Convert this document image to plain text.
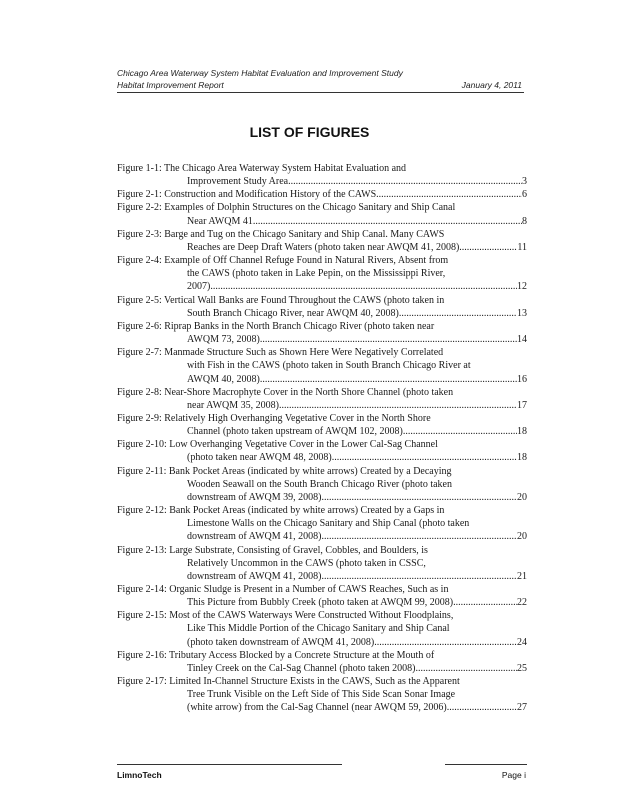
Chicago Area Waterway System Habitat Evaluation and Improvement Study
Habitat Improvement Report	January 4, 2011
LIST OF FIGURES
Figure 1-1: The Chicago Area Waterway System Habitat Evaluation and
Improvement Study Area .....	3
Figure 2-1: Construction and Modification History of the CAWS .....	6
Figure 2-2: Examples of Dolphin Structures on the Chicago Sanitary and Ship Canal
Near AWQM 41 .....	8
Figure 2-3: Barge and Tug on the Chicago Sanitary and Ship Canal. Many CAWS
Reaches are Deep Draft Waters (photo taken near AWQM 41, 2008) .....	11
Figure 2-4: Example of Off Channel Refuge Found in Natural Rivers, Absent from
the CAWS (photo taken in Lake Pepin, on the Mississippi River,
2007) .....	12
Figure 2-5: Vertical Wall Banks are Found Throughout the CAWS (photo taken in
South Branch Chicago River, near AWQM 40, 2008) .....	13
Figure 2-6: Riprap Banks in the North Branch Chicago River (photo taken near
AWQM 73, 2008) .....	14
Figure 2-7: Manmade Structure Such as Shown Here Were Negatively Correlated
with Fish in the CAWS (photo taken in South Branch Chicago River at
AWQM 40, 2008) .....	16
Figure 2-8: Near-Shore Macrophyte Cover in the North Shore Channel (photo taken
near AWQM 35, 2008) .....	17
Figure 2-9: Relatively High Overhanging Vegetative Cover in the North Shore
Channel (photo taken upstream of AWQM 102, 2008) .....	18
Figure 2-10: Low Overhanging Vegetative Cover in the Lower Cal-Sag Channel
(photo taken near AWQM 48, 2008) .....	18
Figure 2-11: Bank Pocket Areas (indicated by white arrows) Created by a Decaying
Wooden Seawall on the South Branch Chicago River (photo taken
downstream of AWQM 39, 2008) .....	20
Figure 2-12: Bank Pocket Areas (indicated by white arrows) Created by a Gaps in
Limestone Walls on the Chicago Sanitary and Ship Canal (photo taken
downstream of AWQM 41, 2008) .....	20
Figure 2-13: Large Substrate, Consisting of Gravel, Cobbles, and Boulders, is
Relatively Uncommon in the CAWS (photo taken in CSSC,
downstream of AWQM 41, 2008) .....	21
Figure 2-14: Organic Sludge is Present in a Number of CAWS Reaches, Such as in
This Picture from Bubbly Creek (photo taken at AWQM 99, 2008) .....	22
Figure 2-15: Most of the CAWS Waterways Were Constructed Without Floodplains,
Like This Middle Portion of the Chicago Sanitary and Ship Canal
(photo taken downstream of AWQM 41, 2008) .....	24
Figure 2-16: Tributary Access Blocked by a Concrete Structure at the Mouth of
Tinley Creek on the Cal-Sag Channel (photo taken 2008) .....	25
Figure 2-17: Limited In-Channel Structure Exists in the CAWS, Such as the Apparent
Tree Trunk Visible on the Left Side of This Side Scan Sonar Image
(white arrow) from the Cal-Sag Channel (near AWQM 59, 2006) .....	27
LimnoTech	Page i
